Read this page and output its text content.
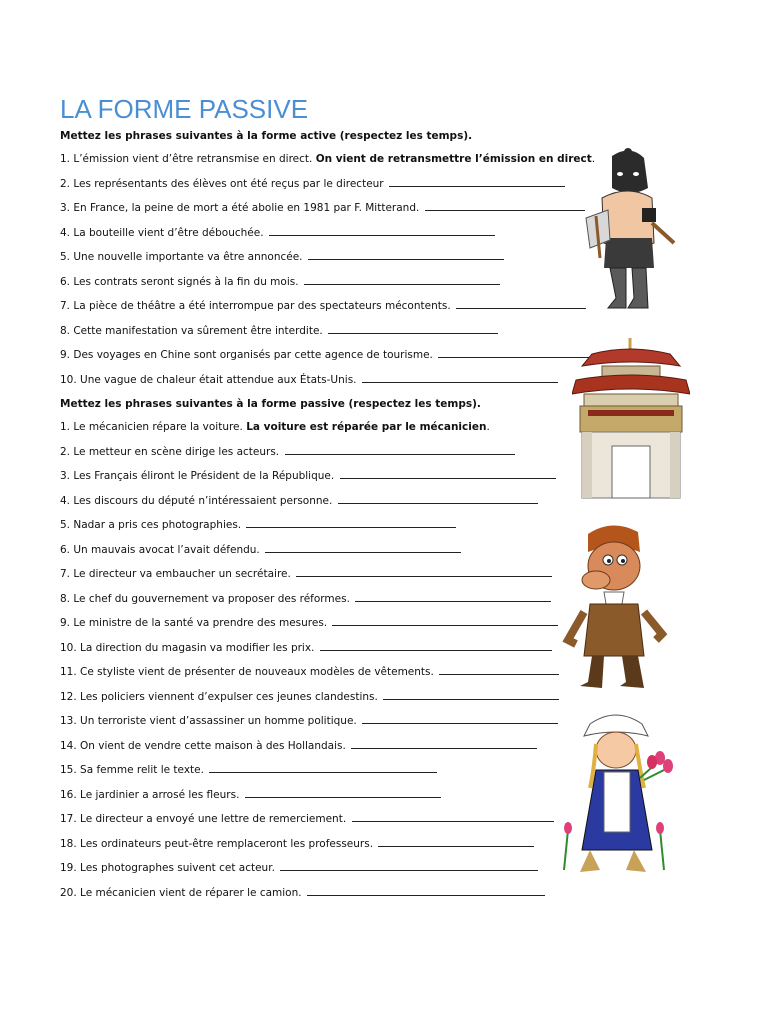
LA FORME PASSIVE
Mettez les phrases suivantes à la forme active (respectez les temps).
1. L’émission vient d’être retransmise en direct. On vient de retransmettre l’émission en direct.
2. Les représentants des élèves ont été reçus par le directeur
3. En France, la peine de mort a été abolie en 1981 par F. Mitterand.
4. La bouteille vient d’être débouchée.
5. Une nouvelle importante va être annoncée.
6. Les contrats seront signés à la fin du mois.
7. La pièce de théâtre a été interrompue par des spectateurs mécontents.
8. Cette manifestation va sûrement être interdite.
9. Des voyages en Chine sont organisés par cette agence de tourisme.
10. Une vague de chaleur était attendue aux États-Unis.
Mettez les phrases suivantes à la forme passive (respectez les temps).
1. Le mécanicien répare la voiture. La voiture est réparée par le mécanicien.
2. Le metteur en scène dirige les acteurs.
3. Les Français éliront le Président de la République.
4. Les discours du député n’intéressaient personne.
5. Nadar a pris ces photographies.
6. Un mauvais avocat l’avait défendu.
7. Le directeur va embaucher un secrétaire.
8. Le chef du gouvernement va proposer des réformes.
9. Le ministre de la santé va prendre des mesures.
10. La direction du magasin va modifier les prix.
11. Ce styliste vient de présenter de nouveaux modèles de vêtements.
12. Les policiers viennent d’expulser ces jeunes clandestins.
13. Un terroriste vient d’assassiner un homme politique.
14. On vient de vendre cette maison à des Hollandais.
15. Sa femme relit le texte.
16. Le jardinier a arrosé les fleurs.
17. Le directeur a envoyé une lettre de remerciement.
18. Les ordinateurs peut-être remplaceront les professeurs.
19. Les photographes suivent cet acteur.
20. Le mécanicien vient de réparer le camion.
